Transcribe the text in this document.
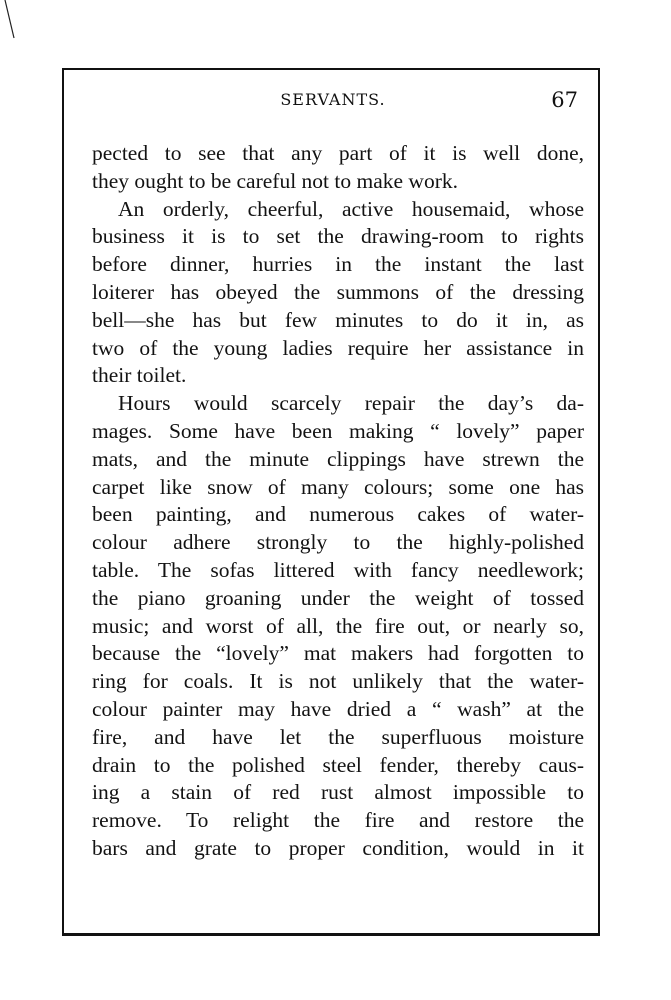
SERVANTS.	67
pected to see that any part of it is well done,
they ought to be careful not to make work.
An orderly, cheerful, active housemaid, whose
business it is to set the drawing-room to rights
before dinner, hurries in the instant the last
loiterer has obeyed the summons of the dressing
bell—she has but few minutes to do it in, as
two of the young ladies require her assistance in
their toilet.
Hours would scarcely repair the day’s da-
mages. Some have been making “ lovely” paper
mats, and the minute clippings have strewn the
carpet like snow of many colours; some one has
been painting, and numerous cakes of water-
colour adhere strongly to the highly-polished
table. The sofas littered with fancy needlework;
the piano groaning under the weight of tossed
music; and worst of all, the fire out, or nearly so,
because the “lovely” mat makers had forgotten to
ring for coals. It is not unlikely that the water-
colour painter may have dried a “ wash” at the
fire, and have let the superfluous moisture
drain to the polished steel fender, thereby caus-
ing a stain of red rust almost impossible to
remove. To relight the fire and restore the
bars and grate to proper condition, would in it
